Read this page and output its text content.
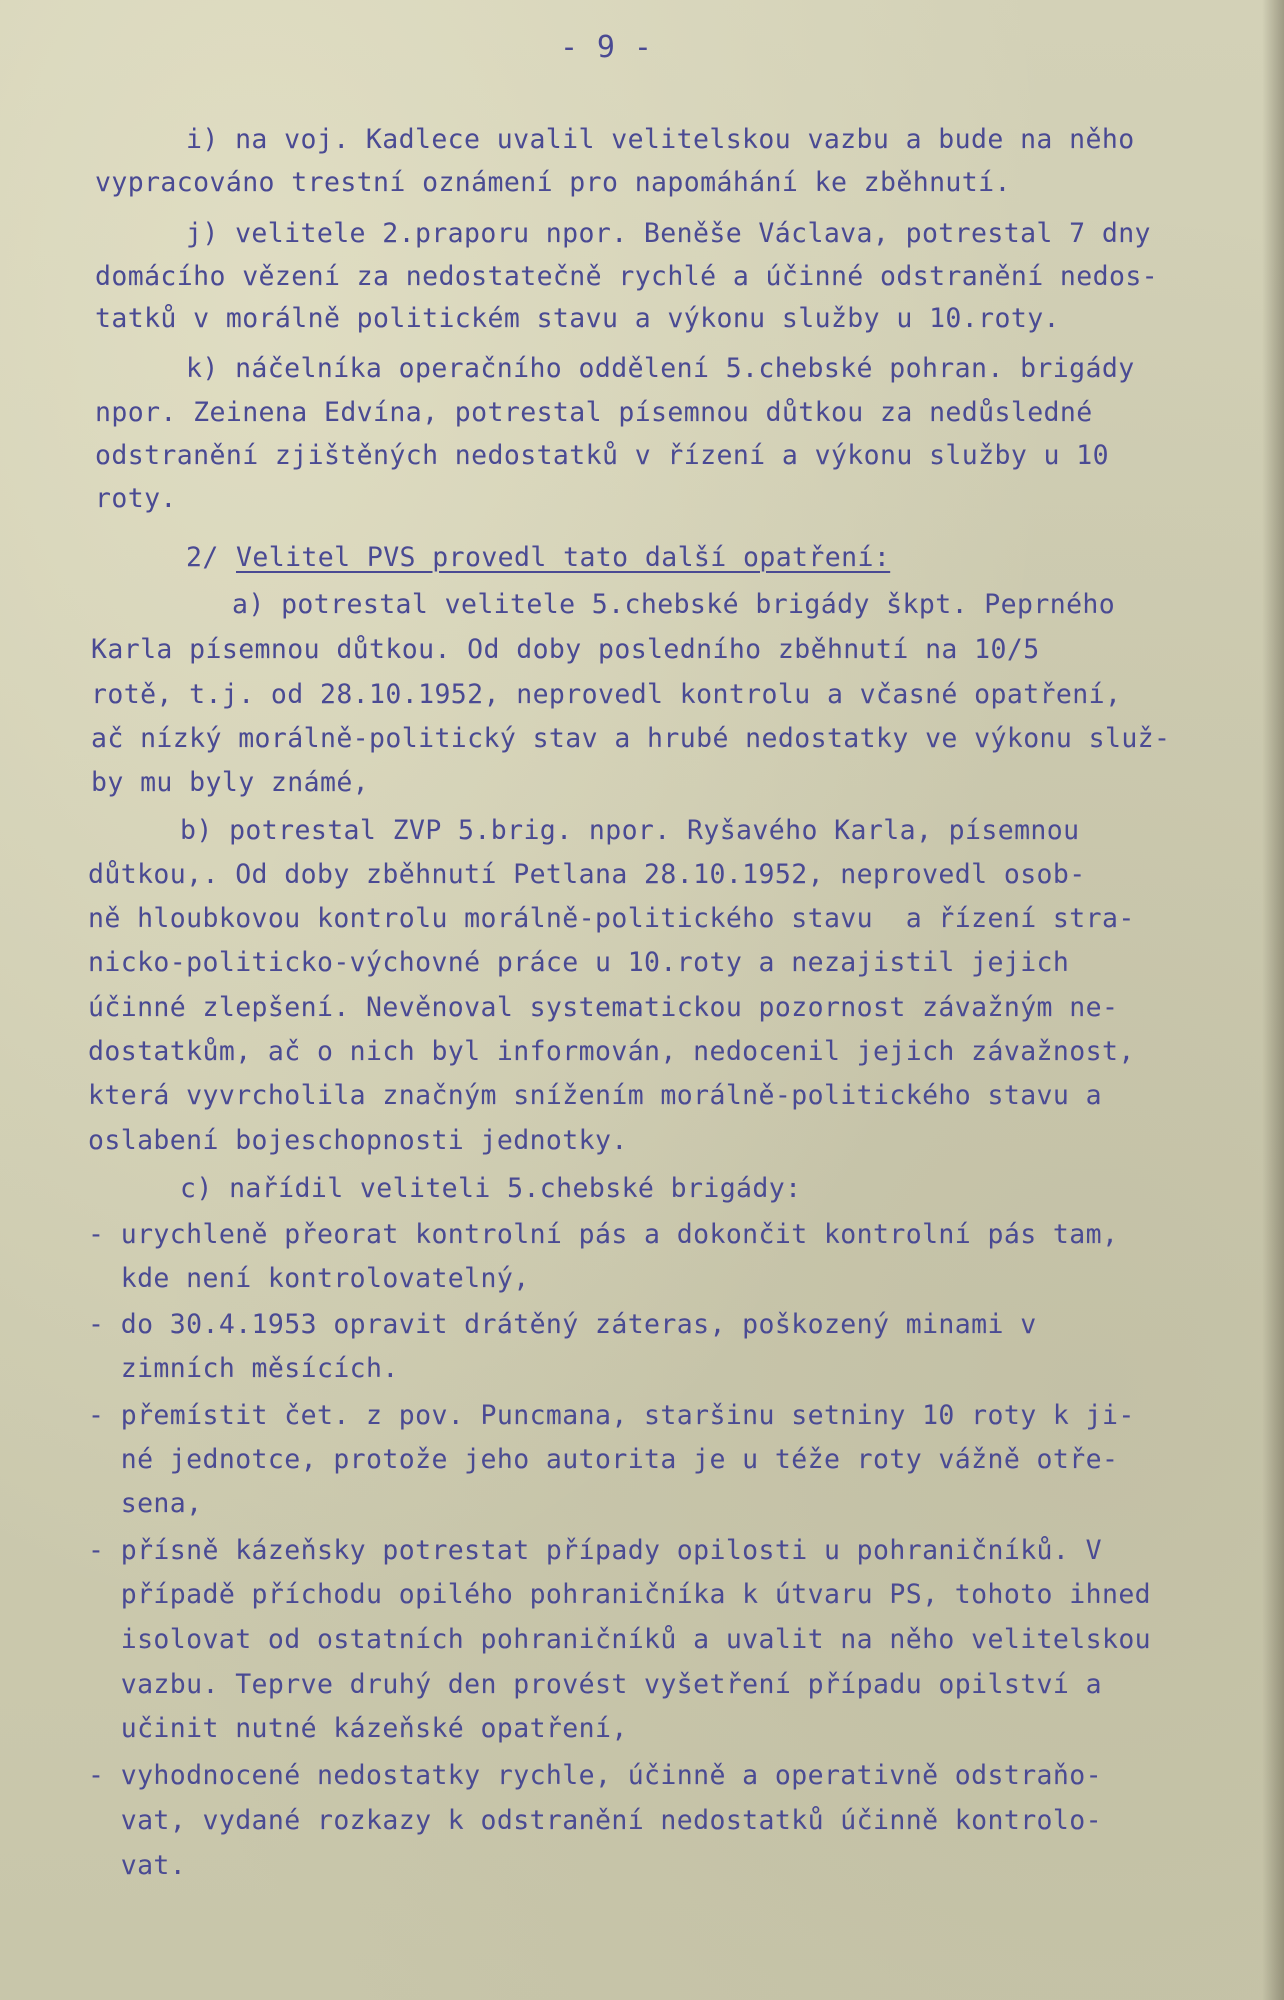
- 9 -
i) na voj. Kadlece uvalil velitelskou vazbu a bude na něho
vypracováno trestní oznámení pro napomáhání ke zběhnutí.
j) velitele 2.praporu npor. Beněše Václava, potrestal 7 dny
domácího vězení za nedostatečně rychlé a účinné odstranění nedos-
tatků v morálně politickém stavu a výkonu služby u 10.roty.
k) náčelníka operačního oddělení 5.chebské pohran. brigády
npor. Zeinena Edvína, potrestal písemnou důtkou za nedůsledné
odstranění zjištěných nedostatků v řízení a výkonu služby u 10
roty.
2/ Velitel PVS provedl tato další opatření:
a) potrestal velitele 5.chebské brigády škpt. Peprného
Karla písemnou důtkou. Od doby posledního zběhnutí na 10/5
rotě, t.j. od 28.10.1952, neprovedl kontrolu a včasné opatření,
ač nízký morálně-politický stav a hrubé nedostatky ve výkonu služ-
by mu byly známé,
b) potrestal ZVP 5.brig. npor. Ryšavého Karla, písemnou
důtkou,. Od doby zběhnutí Petlana 28.10.1952, neprovedl osob-
ně hloubkovou kontrolu morálně-politického stavu  a řízení stra-
nicko-politicko-výchovné práce u 10.roty a nezajistil jejich
účinné zlepšení. Nevěnoval systematickou pozornost závažným ne-
dostatkům, ač o nich byl informován, nedocenil jejich závažnost,
která vyvrcholila značným snížením morálně-politického stavu a
oslabení bojeschopnosti jednotky.
c) nařídil veliteli 5.chebské brigády:
- urychleně přeorat kontrolní pás a dokončit kontrolní pás tam,
kde není kontrolovatelný,
- do 30.4.1953 opravit drátěný záteras, poškozený minami v
zimních měsících.
- přemístit čet. z pov. Puncmana, staršinu setniny 10 roty k ji-
né jednotce, protože jeho autorita je u téže roty vážně otře-
sena,
- přísně kázeňsky potrestat případy opilosti u pohraničníků. V
případě příchodu opilého pohraničníka k útvaru PS, tohoto ihned
isolovat od ostatních pohraničníků a uvalit na něho velitelskou
vazbu. Teprve druhý den provést vyšetření případu opilství a
učinit nutné kázeňské opatření,
- vyhodnocené nedostatky rychle, účinně a operativně odstraňo-
vat, vydané rozkazy k odstranění nedostatků účinně kontrolo-
vat.
